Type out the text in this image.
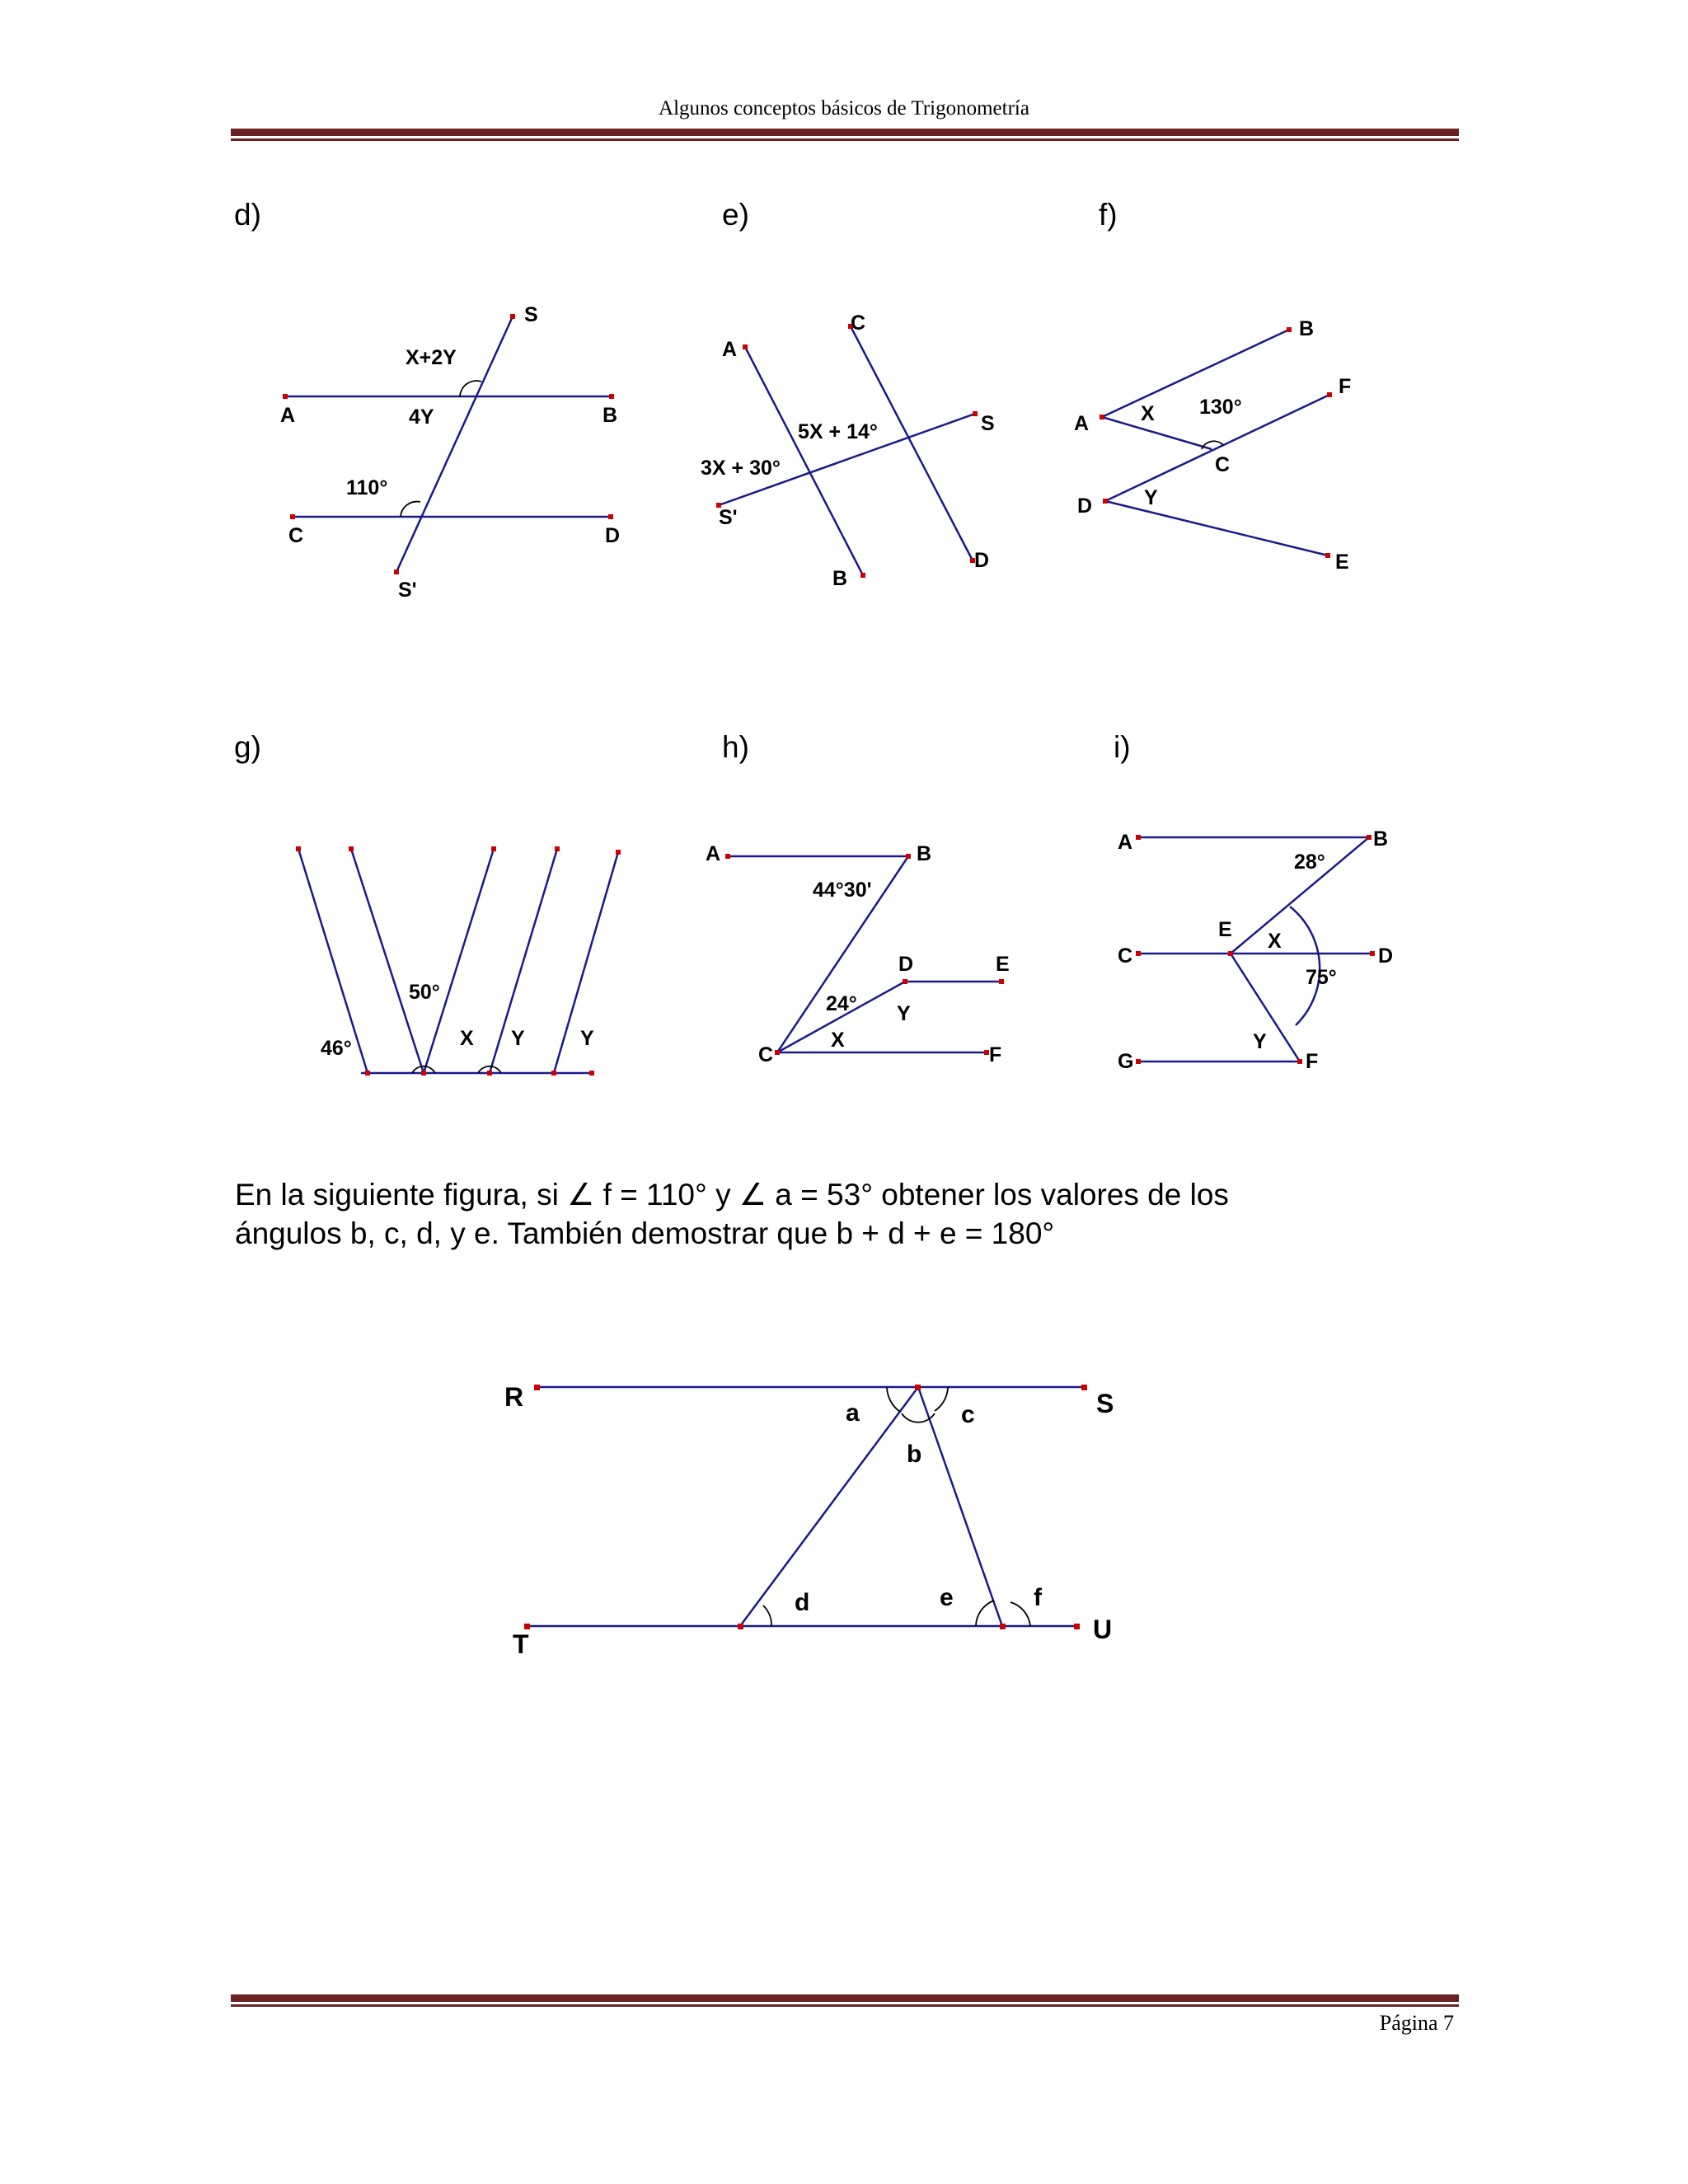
Algunos conceptos básicos de Trigonometría
d)	e)	f)
g)	h)	i)
S
A	B
C	D
S'
X+2Y
4Y
110°
A
C
S
S'
B
D
5X + 14°
3X + 30°
B
F
A
C
D
E
X
Y
130°
50°
46°	X Y	Y
A	B
C
D	E
F
44°30'
24°
X
Y
A	B
C	D
E
G	F
28°
75°
X
Y
R	S
T	U
a
b
c
d	e	f

En la siguiente figura, si ∠ f = 110° y ∠ a = 53° obtener los valores de los

ángulos b, c, d, y e. También demostrar que b + d + e = 180°

Página 7
